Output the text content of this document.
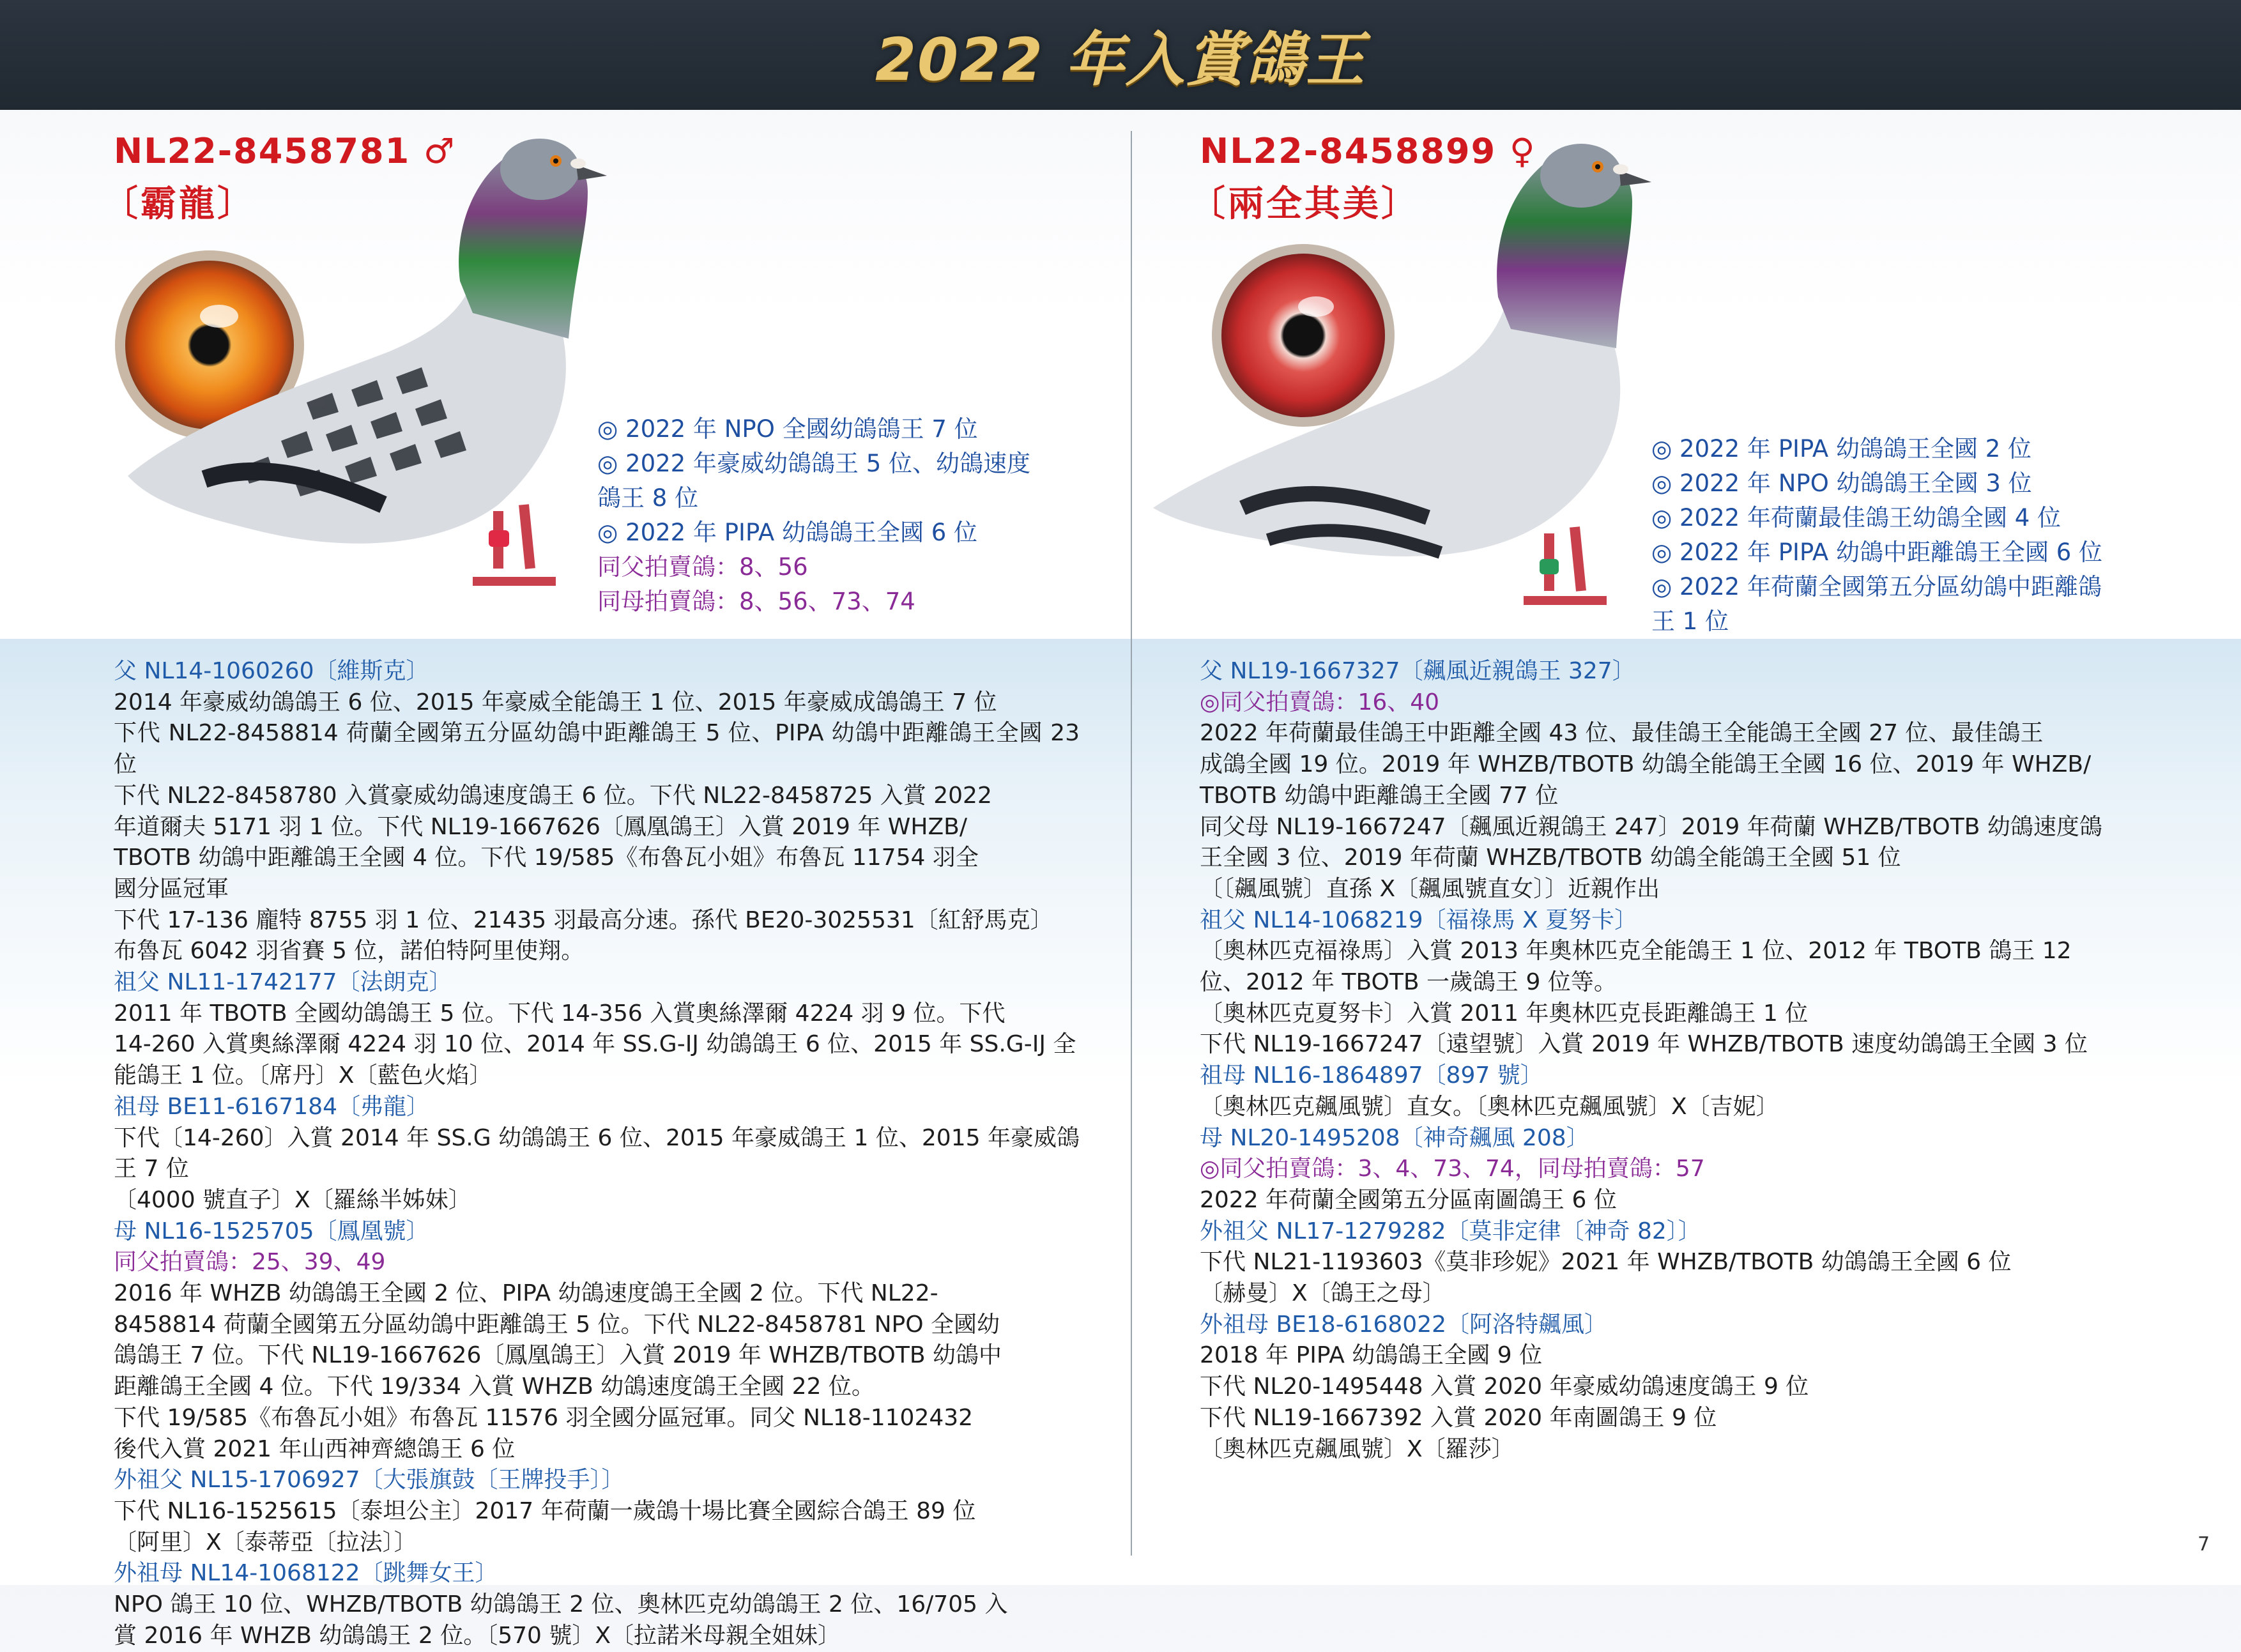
2022 年入賞鴿王
NL22-8458781 ♂
〔霸龍〕
◎ 2022 年 NPO 全國幼鴿鴿王 7 位
◎ 2022 年豪威幼鴿鴿王 5 位、幼鴿速度
鴿王 8 位
◎ 2022 年 PIPA 幼鴿鴿王全國 6 位
同父拍賣鴿：8、56
同母拍賣鴿：8、56、73、74
NL22-8458899 ♀
〔兩全其美〕
◎ 2022 年 PIPA 幼鴿鴿王全國 2 位
◎ 2022 年 NPO 幼鴿鴿王全國 3 位
◎ 2022 年荷蘭最佳鴿王幼鴿全國 4 位
◎ 2022 年 PIPA 幼鴿中距離鴿王全國 6 位
◎ 2022 年荷蘭全國第五分區幼鴿中距離鴿
王 1 位
父 NL14-1060260〔維斯克〕
2014 年豪威幼鴿鴿王 6 位、2015 年豪威全能鴿王 1 位、2015 年豪威成鴿鴿王 7 位
下代 NL22-8458814 荷蘭全國第五分區幼鴿中距離鴿王 5 位、PIPA 幼鴿中距離鴿王全國 23 位
下代 NL22-8458780 入賞豪威幼鴿速度鴿王 6 位。下代 NL22-8458725 入賞 2022
年道爾夫 5171 羽 1 位。下代 NL19-1667626〔鳳凰鴿王〕入賞 2019 年 WHZB/
TBOTB 幼鴿中距離鴿王全國 4 位。下代 19/585《布魯瓦小姐》布魯瓦 11754 羽全
國分區冠軍
下代 17-136 龐特 8755 羽 1 位、21435 羽最高分速。孫代 BE20-3025531〔紅舒馬克〕
布魯瓦 6042 羽省賽 5 位，諾伯特阿里使翔。
祖父 NL11-1742177〔法朗克〕
2011 年 TBOTB 全國幼鴿鴿王 5 位。下代 14-356 入賞奧絲澤爾 4224 羽 9 位。下代
14-260 入賞奧絲澤爾 4224 羽 10 位、2014 年 SS.G-IJ 幼鴿鴿王 6 位、2015 年 SS.G-IJ 全
能鴿王 1 位。〔席丹〕X〔藍色火焰〕
祖母 BE11-6167184〔弗龍〕
下代〔14-260〕入賞 2014 年 SS.G 幼鴿鴿王 6 位、2015 年豪威鴿王 1 位、2015 年豪威鴿王 7 位
〔4000 號直子〕X〔羅絲半姊妹〕
母 NL16-1525705〔鳳凰號〕
同父拍賣鴿：25、39、49
2016 年 WHZB 幼鴿鴿王全國 2 位、PIPA 幼鴿速度鴿王全國 2 位。下代 NL22-
8458814 荷蘭全國第五分區幼鴿中距離鴿王 5 位。下代 NL22-8458781 NPO 全國幼
鴿鴿王 7 位。下代 NL19-1667626〔鳳凰鴿王〕入賞 2019 年 WHZB/TBOTB 幼鴿中
距離鴿王全國 4 位。下代 19/334 入賞 WHZB 幼鴿速度鴿王全國 22 位。
下代 19/585《布魯瓦小姐》布魯瓦 11576 羽全國分區冠軍。同父 NL18-1102432
後代入賞 2021 年山西神齊總鴿王 6 位
外祖父 NL15-1706927〔大張旗鼓〔王牌投手〕〕
下代 NL16-1525615〔泰坦公主〕2017 年荷蘭一歲鴿十場比賽全國綜合鴿王 89 位
〔阿里〕X〔泰蒂亞〔拉法〕〕
外祖母 NL14-1068122〔跳舞女王〕
NPO 鴿王 10 位、WHZB/TBOTB 幼鴿鴿王 2 位、奧林匹克幼鴿鴿王 2 位、16/705 入
賞 2016 年 WHZB 幼鴿鴿王 2 位。〔570 號〕X〔拉諾米母親全姐妹〕
父 NL19-1667327〔飆風近親鴿王 327〕
◎同父拍賣鴿：16、40
2022 年荷蘭最佳鴿王中距離全國 43 位、最佳鴿王全能鴿王全國 27 位、最佳鴿王
成鴿全國 19 位。2019 年 WHZB/TBOTB 幼鴿全能鴿王全國 16 位、2019 年 WHZB/
TBOTB 幼鴿中距離鴿王全國 77 位
同父母 NL19-1667247〔飆風近親鴿王 247〕2019 年荷蘭 WHZB/TBOTB 幼鴿速度鴿
王全國 3 位、2019 年荷蘭 WHZB/TBOTB 幼鴿全能鴿王全國 51 位
〔〔飆風號〕直孫 X〔飆風號直女〕〕近親作出
祖父 NL14-1068219〔福祿馬 X 夏努卡〕
〔奧林匹克福祿馬〕入賞 2013 年奧林匹克全能鴿王 1 位、2012 年 TBOTB 鴿王 12
位、2012 年 TBOTB 一歲鴿王 9 位等。
〔奧林匹克夏努卡〕入賞 2011 年奧林匹克長距離鴿王 1 位
下代 NL19-1667247〔遠望號〕入賞 2019 年 WHZB/TBOTB 速度幼鴿鴿王全國 3 位
祖母 NL16-1864897〔897 號〕
〔奧林匹克飆風號〕直女。〔奧林匹克飆風號〕X〔吉妮〕
母 NL20-1495208〔神奇飆風 208〕
◎同父拍賣鴿：3、4、73、74，同母拍賣鴿：57
2022 年荷蘭全國第五分區南圖鴿王 6 位
外祖父 NL17-1279282〔莫非定律〔神奇 82〕〕
下代 NL21-1193603《莫非珍妮》2021 年 WHZB/TBOTB 幼鴿鴿王全國 6 位
〔赫曼〕X〔鴿王之母〕
外祖母 BE18-6168022〔阿洛特飆風〕
2018 年 PIPA 幼鴿鴿王全國 9 位
下代 NL20-1495448 入賞 2020 年豪威幼鴿速度鴿王 9 位
下代 NL19-1667392 入賞 2020 年南圖鴿王 9 位
〔奧林匹克飆風號〕X〔羅莎〕
7
